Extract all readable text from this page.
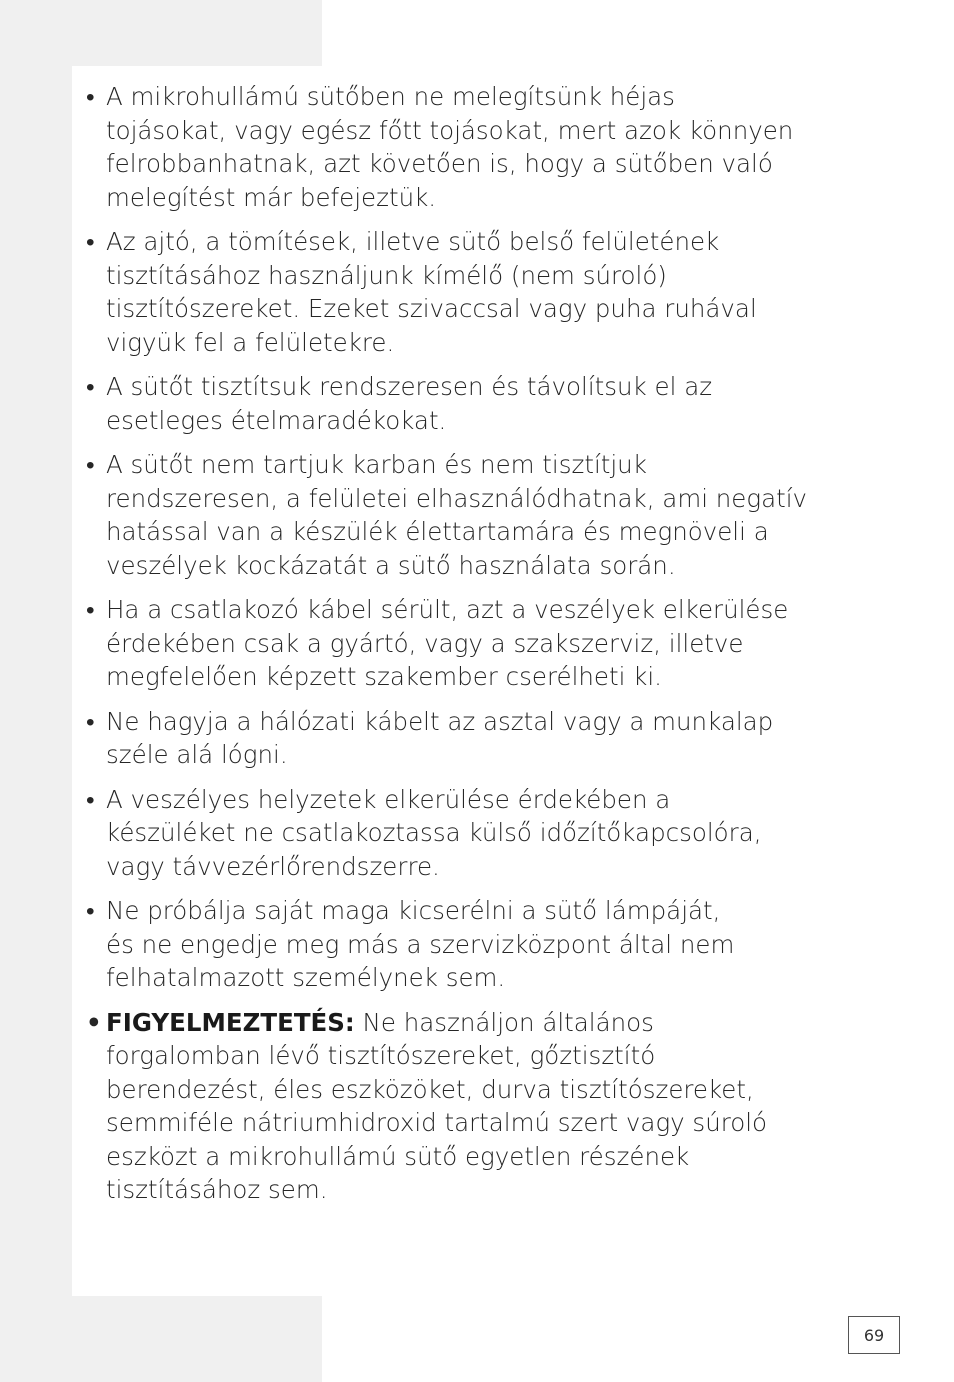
• A mikrohullámú sütőben ne melegítsünk héjas
tojásokat, vagy egész főtt tojásokat, mert azok könnyen
felrobbanhatnak, azt követően is, hogy a sütőben való
melegítést már befejeztük.
• Az ajtó, a tömítések, illetve sütő belső felületének
tisztításához használjunk kímélő (nem súroló)
tisztítószereket. Ezeket szivaccsal vagy puha ruhával
vigyük fel a felületekre.
• A sütőt tisztítsuk rendszeresen és távolítsuk el az
esetleges ételmaradékokat.
• A sütőt nem tartjuk karban és nem tisztítjuk
rendszeresen, a felületei elhasználódhatnak, ami negatív
hatással van a készülék élettartamára és megnöveli a
veszélyek kockázatát a sütő használata során.
• Ha a csatlakozó kábel sérült, azt a veszélyek elkerülése
érdekében csak a gyártó, vagy a szakszerviz, illetve
megfelelően képzett szakember cserélheti ki.
• Ne hagyja a hálózati kábelt az asztal vagy a munkalap
széle alá lógni.
• A veszélyes helyzetek elkerülése érdekében a
készüléket ne csatlakoztassa külső időzítőkapcsolóra,
vagy távvezérlőrendszerre.
• Ne próbálja saját maga kicserélni a sütő lámpáját,
és ne engedje meg más a szervizközpont által nem
felhatalmazott személynek sem.
• FIGYELMEZTETÉS: Ne használjon általános
forgalomban lévő tisztítószereket, gőztisztító
berendezést, éles eszközöket, durva tisztítószereket,
semmiféle nátriumhidroxid tartalmú szert vagy súroló
eszközt a mikrohullámú sütő egyetlen részének
tisztításához sem.
69
